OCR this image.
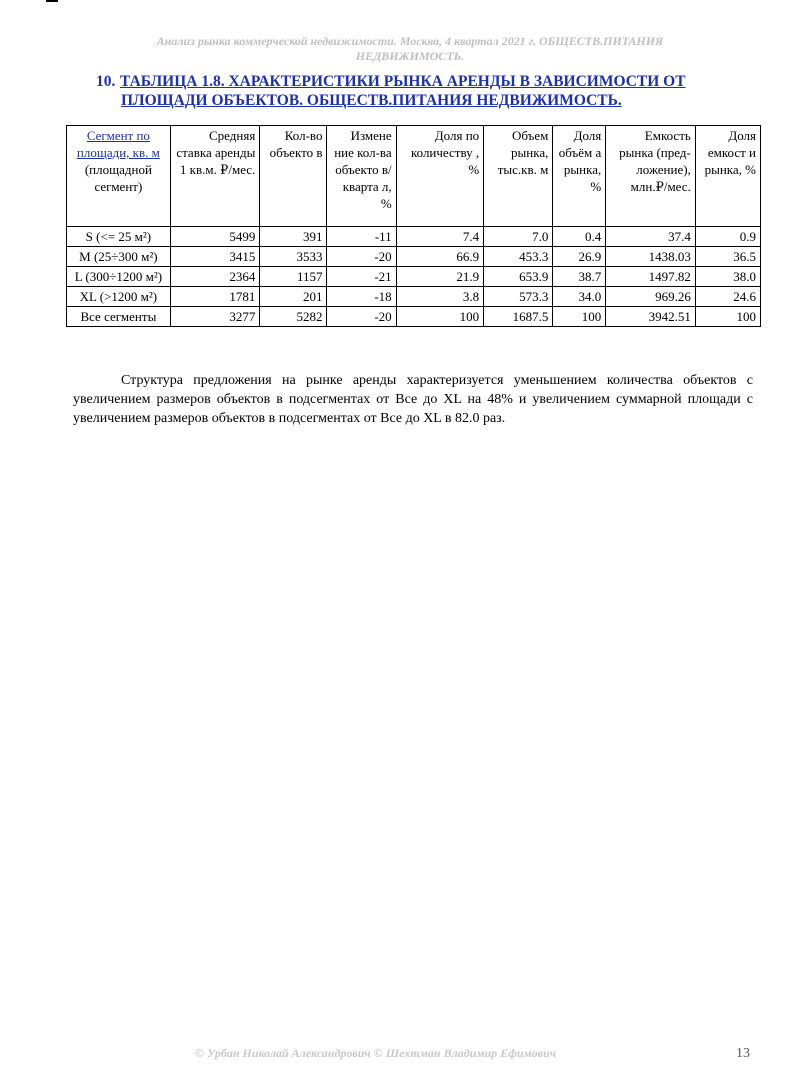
Анализ рынка коммерческой недвижимости. Москва, 4 квартал 2021 г. ОБЩЕСТВ.ПИТАНИЯ
НЕДВИЖИМОСТЬ.
10. ТАБЛИЦА 1.8. ХАРАКТЕРИСТИКИ РЫНКА АРЕНДЫ В ЗАВИСИМОСТИ ОТ
ПЛОЩАДИ ОБЪЕКТОВ. ОБЩЕСТВ.ПИТАНИЯ НЕДВИЖИМОСТЬ.
Сегмент по площади, кв. м
(площадной сегмент)	Средняя ставка аренды 1 кв.м. ₽/мес.	Кол-во объекто в	Измене ние кол-ва объекто в/кварта л, %	Доля по количеству , %	Объем рынка, тыс.кв. м	Доля объём а рынка, %	Емкость рынка (пред-ложение), млн.₽/мес.	Доля емкост и рынка, %
S (<= 25 м²)	5499	391	-11	7.4	7.0	0.4	37.4	0.9
M (25÷300 м²)	3415	3533	-20	66.9	453.3	26.9	1438.03	36.5
L (300÷1200 м²)	2364	1157	-21	21.9	653.9	38.7	1497.82	38.0
XL (>1200 м²)	1781	201	-18	3.8	573.3	34.0	969.26	24.6
Все сегменты	3277	5282	-20	100	1687.5	100	3942.51	100

Структура предложения на рынке аренды характеризуется уменьшением количества объектов с увеличением размеров объектов в подсегментах от Все до XL на 48% и увеличением суммарной площади с увеличением размеров объектов в подсегментах от Все до XL в 82.0 раз.

© Урбан Николай Александрович © Шехтман Владимир Ефимович	13
